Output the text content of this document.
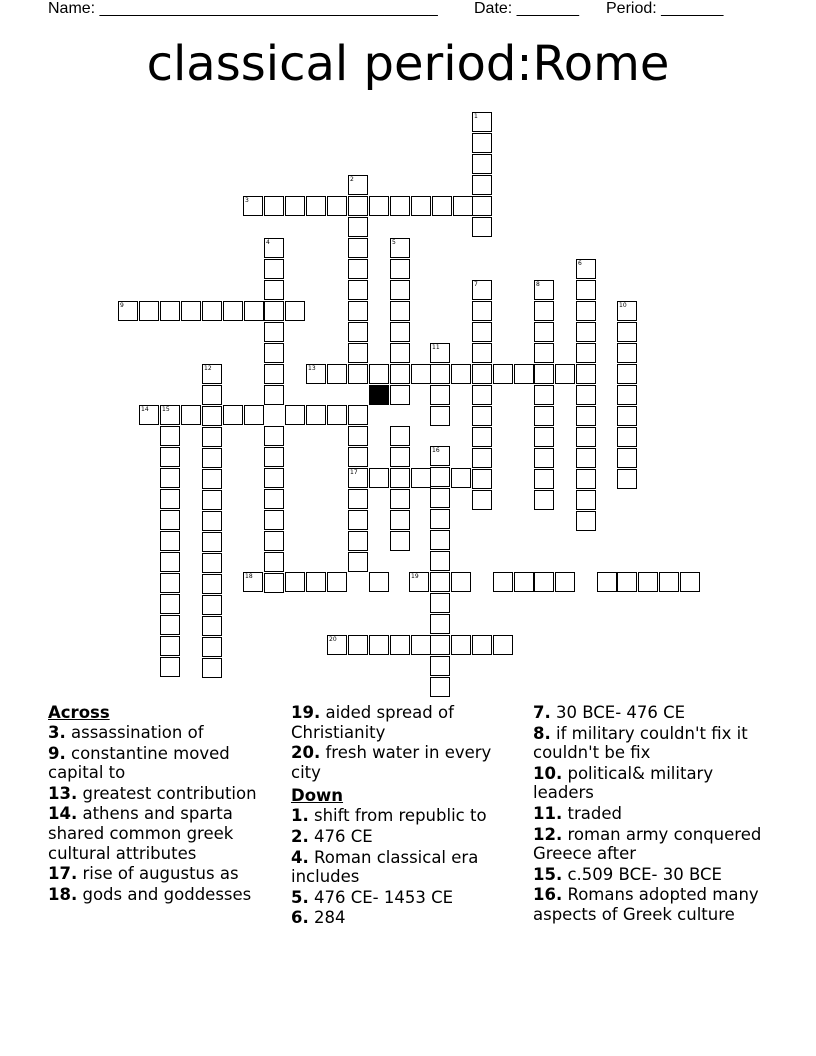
Name: ______________________________________ Date: _______ Period: _______
classical period:Rome
1
2
17
3
4	5
6
7	8
9	10
11
13
12
14 15
16
18	19
20
Across
3. assassination of
9. constantine moved capital to
13. greatest contribution
14. athens and sparta shared common greek cultural attributes
17. rise of augustus as
18. gods and goddesses
19. aided spread of Christianity
20. fresh water in every city
Down
1. shift from republic to
2. 476 CE
4. Roman classical era includes
5. 476 CE- 1453 CE
6. 284
7. 30 BCE- 476 CE
8. if military couldn't fix it couldn't be fix
10. political& military leaders
11. traded
12. roman army conquered Greece after
15. c.509 BCE- 30 BCE
16. Romans adopted many aspects of Greek culture
